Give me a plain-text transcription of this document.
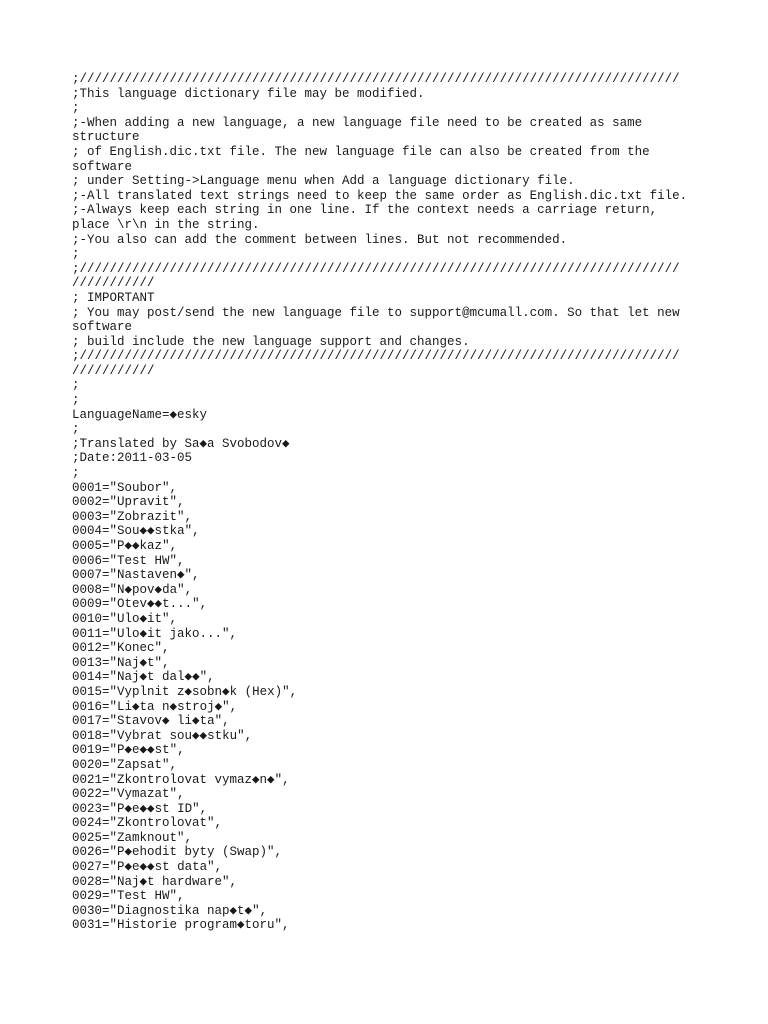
;////////////////////////////////////////////////////////////////////////////////
;This language dictionary file may be modified.
;
;-When adding a new language, a new language file need to be created as same
structure
; of English.dic.txt file. The new language file can also be created from the
software
; under Setting->Language menu when Add a language dictionary file.
;-All translated text strings need to keep the same order as English.dic.txt file.
;-Always keep each string in one line. If the context needs a carriage return,
place \r\n in the string.
;-You also can add the comment between lines. But not recommended.
;
;////////////////////////////////////////////////////////////////////////////////
///////////
; IMPORTANT
; You may post/send the new language file to support@mcumall.com. So that let new
software
; build include the new language support and changes.
;////////////////////////////////////////////////////////////////////////////////
///////////
;
;
LanguageName=◆esky
;
;Translated by Sa◆a Svobodov◆
;Date:2011-03-05
;
0001="Soubor",
0002="Upravit",
0003="Zobrazit",
0004="Sou◆◆stka",
0005="P◆◆kaz",
0006="Test HW",
0007="Nastaven◆",
0008="N◆pov◆da",
0009="Otev◆◆t...",
0010="Ulo◆it",
0011="Ulo◆it jako...",
0012="Konec",
0013="Naj◆t",
0014="Naj◆t dal◆◆",
0015="Vyplnit z◆sobn◆k (Hex)",
0016="Li◆ta n◆stroj◆",
0017="Stavov◆ li◆ta",
0018="Vybrat sou◆◆stku",
0019="P◆e◆◆st",
0020="Zapsat",
0021="Zkontrolovat vymaz◆n◆",
0022="Vymazat",
0023="P◆e◆◆st ID",
0024="Zkontrolovat",
0025="Zamknout",
0026="P◆ehodit byty (Swap)",
0027="P◆e◆◆st data",
0028="Naj◆t hardware",
0029="Test HW",
0030="Diagnostika nap◆t◆",
0031="Historie program◆toru",
